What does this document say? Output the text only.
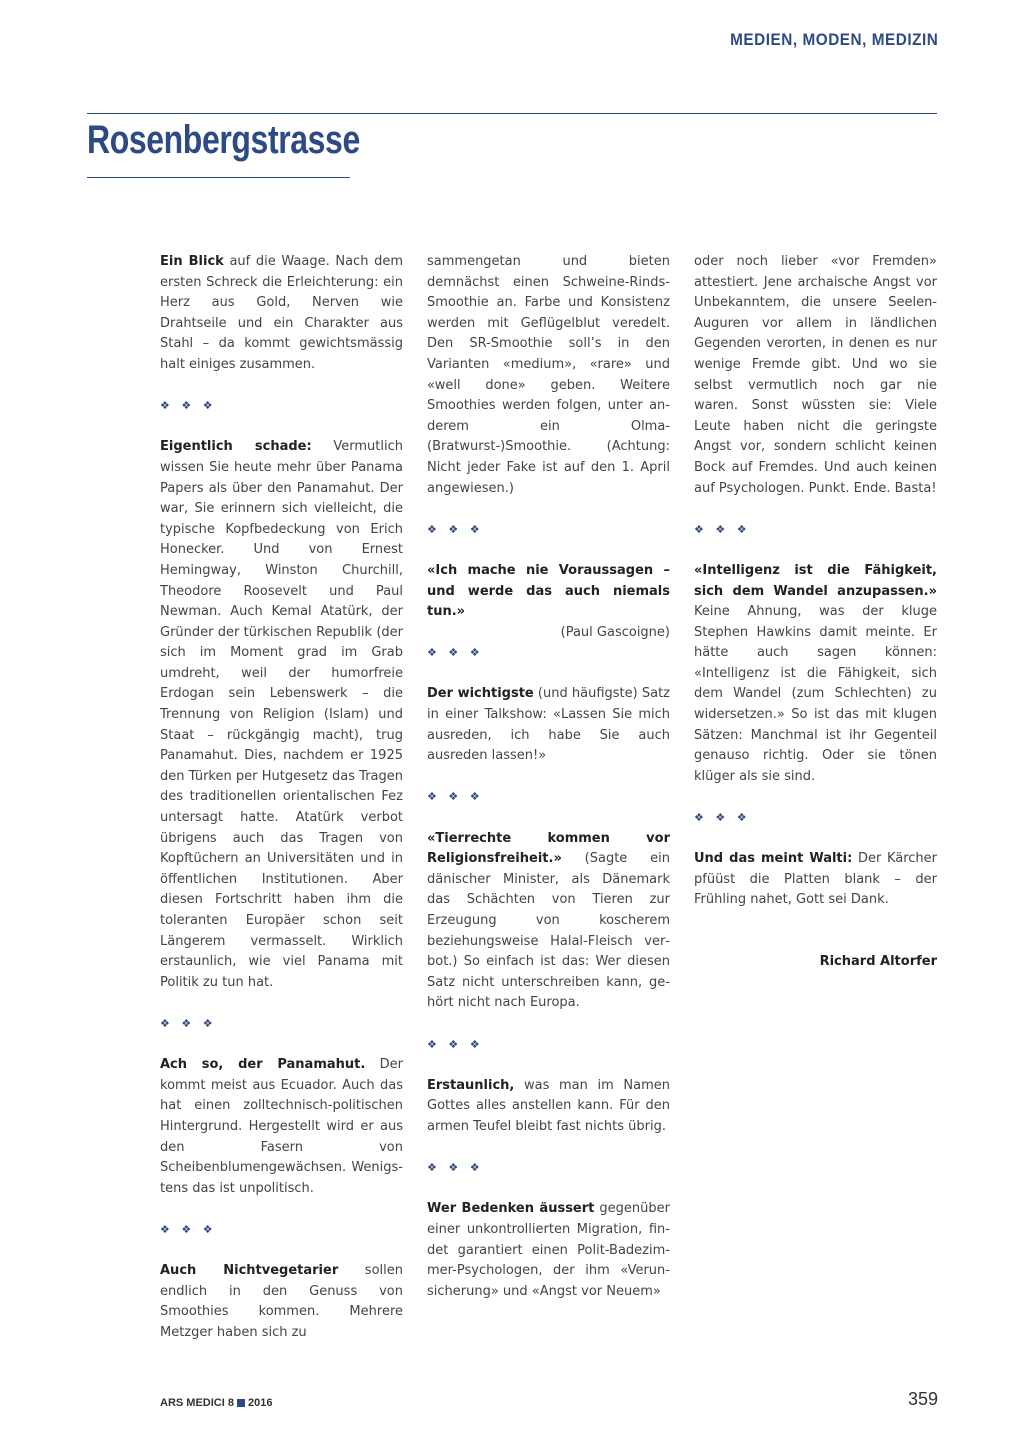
MEDIEN, MODEN, MEDIZIN
Rosenbergstrasse

Ein Blick auf die Waage. Nach dem ersten Schreck die Erleichterung: ein Herz aus Gold, Nerven wie Drahtseile und ein Charakter aus Stahl – da kommt gewichtsmässig halt einiges zusammen.

❖ ❖ ❖

Eigentlich schade: Vermutlich wissen Sie heute mehr über Panama Papers als über den Panamahut. Der war, Sie erinnern sich vielleicht, die typische Kopfbedeckung von Erich Honecker. Und von Ernest Hemingway, Winston Churchill, Theodore Roosevelt und Paul Newman. Auch Kemal Atatürk, der Gründer der türkischen Republik (der sich im Moment grad im Grab umdreht, weil der humorfreie Erdogan sein Lebenswerk – die Trennung von Religion (Islam) und Staat – rückgängig macht), trug Panamahut. Dies, nachdem er 1925 den Türken per Hutgesetz das Tragen des traditionellen orientalischen Fez untersagt hatte. Atatürk verbot übrigens auch das Tragen von Kopftüchern an Universitäten und in öffentlichen Institutionen. Aber diesen Fortschritt haben ihm die toleranten Europäer schon seit Längerem vermasselt. Wirklich erstaunlich, wie viel Panama mit Politik zu tun hat.

❖ ❖ ❖

Ach so, der Panamahut. Der kommt meist aus Ecuador. Auch das hat einen zolltechnisch-politischen Hintergrund. Hergestellt wird er aus den Fasern von Scheibenblumengewächsen. Wenigstens das ist unpolitisch.

❖ ❖ ❖

Auch Nichtvegetarier sollen endlich in den Genuss von Smoothies kommen. Mehrere Metzger haben sich zu

sammengetan und bieten demnächst einen Schweine-Rinds-Smoothie an. Farbe und Konsistenz werden mit Geflügelblut veredelt. Den SR-Smoothie soll’s in den Varianten «medium», «rare» und «well done» geben. Weitere Smoothies werden folgen, unter anderem ein Olma-(Bratwurst-)Smoothie. (Achtung: Nicht jeder Fake ist auf den 1. April angewiesen.)

❖ ❖ ❖

«Ich mache nie Voraussagen – und werde das auch niemals tun.»

(Paul Gascoigne)

❖ ❖ ❖

Der wichtigste (und häufigste) Satz in einer Talkshow: «Lassen Sie mich ausreden, ich habe Sie auch ausreden lassen!»

❖ ❖ ❖

«Tierrechte kommen vor Religionsfreiheit.» (Sagte ein dänischer Minister, als Dänemark das Schächten von Tieren zur Erzeugung von koscherem beziehungsweise Halal-Fleisch verbot.) So einfach ist das: Wer diesen Satz nicht unterschreiben kann, gehört nicht nach Europa.

❖ ❖ ❖

Erstaunlich, was man im Namen Gottes alles anstellen kann. Für den armen Teufel bleibt fast nichts übrig.

❖ ❖ ❖

Wer Bedenken äussert gegenüber einer unkontrollierten Migration, findet garantiert einen Polit-Badezimmer-Psychologen, der ihm «Verunsicherung» und «Angst vor Neuem»

oder noch lieber «vor Fremden» attestiert. Jene archaische Angst vor Unbekanntem, die unsere Seelen-Auguren vor allem in ländlichen Gegenden verorten, in denen es nur wenige Fremde gibt. Und wo sie selbst vermutlich noch gar nie waren. Sonst wüssten sie: Viele Leute haben nicht die geringste Angst vor, sondern schlicht keinen Bock auf Fremdes. Und auch keinen auf Psychologen. Punkt. Ende. Basta!

❖ ❖ ❖

«Intelligenz ist die Fähigkeit, sich dem Wandel anzupassen.» Keine Ahnung, was der kluge Stephen Hawkins damit meinte. Er hätte auch sagen können: «Intelligenz ist die Fähigkeit, sich dem Wandel (zum Schlechten) zu widersetzen.» So ist das mit klugen Sätzen: Manchmal ist ihr Gegenteil genauso richtig. Oder sie tönen klüger als sie sind.

❖ ❖ ❖

Und das meint Walti: Der Kärcher pfüüst die Platten blank – der Frühling nahet, Gott sei Dank.

Richard Altorfer

ARS MEDICI 8 2016	359
